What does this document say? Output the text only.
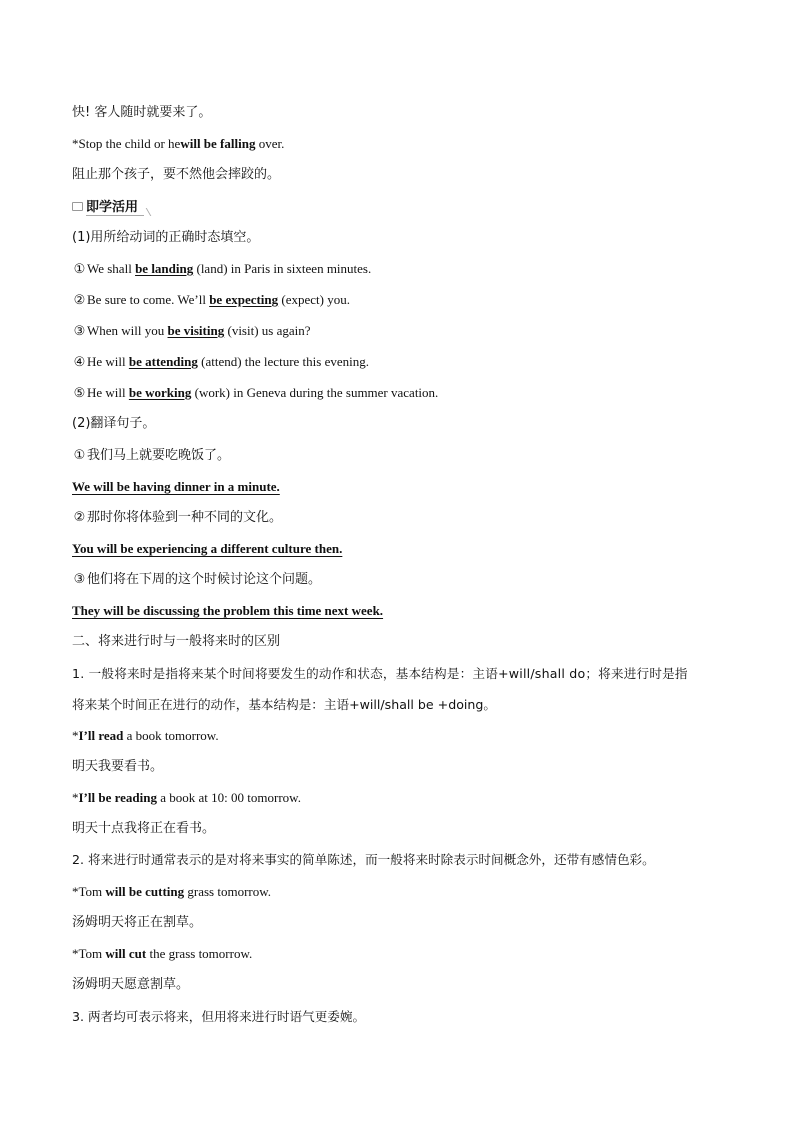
快! 客人随时就要来了。
*Stop the child or hewill be falling over.
阻止那个孩子，要不然他会摔跤的。
即学活用
(1)用所给动词的正确时态填空。
① We shall be landing (land) in Paris in sixteen minutes.
② Be sure to come. We’ll be expecting (expect) you.
③ When will you be visiting (visit) us again?
④ He will be attending (attend) the lecture this evening.
⑤ He will be working (work) in Geneva during the summer vacation.
(2)翻译句子。
① 我们马上就要吃晚饭了。
We will be having dinner in a minute.
② 那时你将体验到一种不同的文化。
You will be experiencing a different culture then.
③ 他们将在下周的这个时候讨论这个问题。
They will be discussing the problem this time next week.
二、将来进行时与一般将来时的区别
1. 一般将来时是指将来某个时间将要发生的动作和状态，基本结构是：主语+will/shall do；将来进行时是指
将来某个时间正在进行的动作，基本结构是：主语+will/shall be +doing。
*I’ll read a book tomorrow.
明天我要看书。
*I’ll be reading a book at 10: 00 tomorrow.
明天十点我将正在看书。
2. 将来进行时通常表示的是对将来事实的简单陈述，而一般将来时除表示时间概念外，还带有感情色彩。
*Tom will be cutting grass tomorrow.
汤姆明天将正在割草。
*Tom will cut the grass tomorrow.
汤姆明天愿意割草。
3. 两者均可表示将来，但用将来进行时语气更委婉。
